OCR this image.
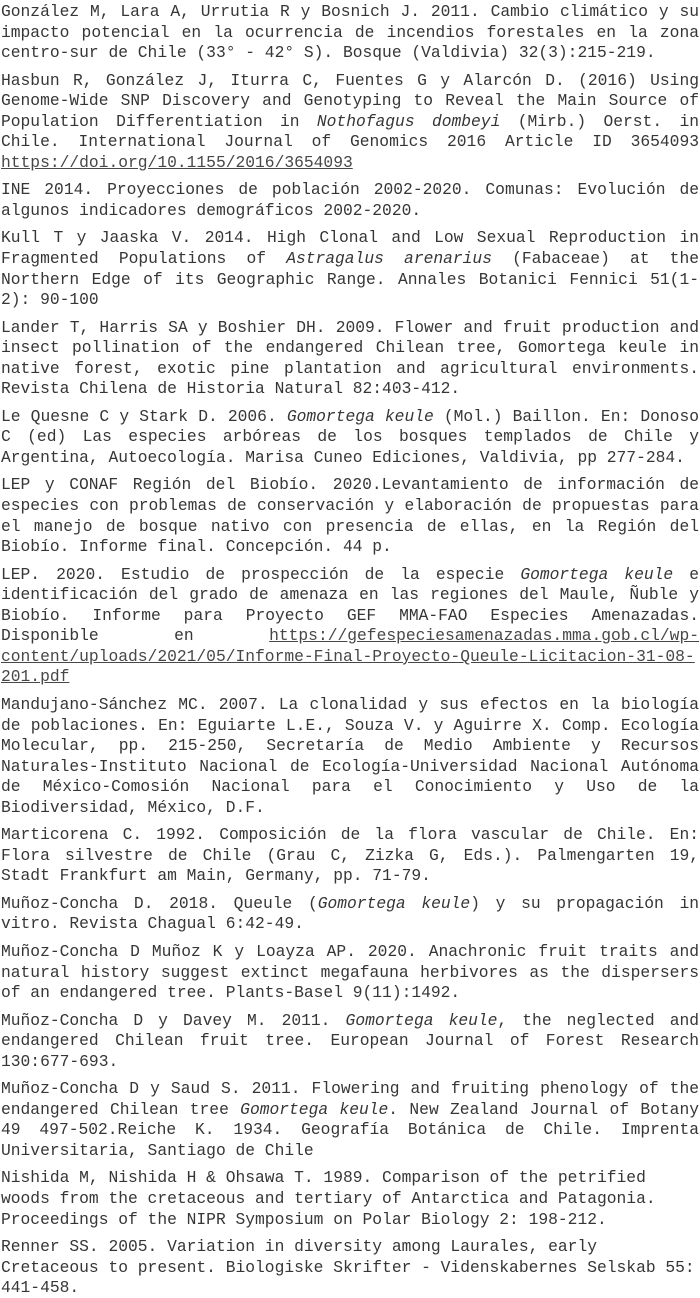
González M, Lara A, Urrutia R y Bosnich J. 2011. Cambio climático y su impacto potencial en la ocurrencia de incendios forestales en la zona centro-sur de Chile (33° - 42° S). Bosque (Valdivia) 32(3):215-219.

Hasbun R, González J, Iturra C, Fuentes G y Alarcón D. (2016) Using Genome-Wide SNP Discovery and Genotyping to Reveal the Main Source of Population Differentiation in Nothofagus dombeyi (Mirb.) Oerst. in Chile. International Journal of Genomics 2016 Article ID 3654093 https:/⁠/⁠doi.org/⁠10.1155/⁠2016/⁠3654093

INE 2014. Proyecciones de población 2002-2020. Comunas: Evolución de algunos indicadores demográficos 2002-2020.

Kull T y Jaaska V. 2014. High Clonal and Low Sexual Reproduction in Fragmented Populations of Astragalus arenarius (Fabaceae) at the Northern Edge of its Geographic Range. Annales Botanici Fennici 51(1-2): 90-100

Lander T, Harris SA y Boshier DH. 2009. Flower and fruit production and insect pollination of the endangered Chilean tree, Gomortega keule in native forest, exotic pine plantation and agricultural environments. Revista Chilena de Historia Natural 82:403-412.

Le Quesne C y Stark D. 2006. Gomortega keule (Mol.) Baillon. En: Donoso C (ed) Las especies arbóreas de los bosques templados de Chile y Argentina, Autoecología. Marisa Cuneo Ediciones, Valdivia, pp 277-284.

LEP y CONAF Región del Biobío. 2020.Levantamiento de información de especies con problemas de conservación y elaboración de propuestas para el manejo de bosque nativo con presencia de ellas, en la Región del Biobío. Informe final. Concepción. 44 p.

LEP. 2020. Estudio de prospección de la especie Gomortega keule e identificación del grado de amenaza en las regiones del Maule, Ñuble y Biobío. Informe para Proyecto GEF MMA-FAO Especies Amenazadas. Disponible en https:/⁠/⁠gefespeciesamenazadas.mma.gob.cl/⁠wp-content/⁠uploads/⁠2021/⁠05/⁠Informe-Final-Proyecto-Queule-Licitacion-31-08-201.pdf

Mandujano-Sánchez MC. 2007. La clonalidad y sus efectos en la biología de poblaciones. En: Eguiarte L.E., Souza V. y Aguirre X. Comp. Ecología Molecular, pp. 215-250, Secretaría de Medio Ambiente y Recursos Naturales-Instituto Nacional de Ecología-Universidad Nacional Autónoma de México-Comosión Nacional para el Conocimiento y Uso de la Biodiversidad, México, D.F.

Marticorena C. 1992. Composición de la flora vascular de Chile. En: Flora silvestre de Chile (Grau C, Zizka G, Eds.). Palmengarten 19, Stadt Frankfurt am Main, Germany, pp. 71-79.

Muñoz-Concha D. 2018. Queule (Gomortega keule) y su propagación in vitro. Revista Chagual 6:42-49.

Muñoz-Concha D Muñoz K y Loayza AP. 2020. Anachronic fruit traits and natural history suggest extinct megafauna herbivores as the dispersers of an endangered tree. Plants-Basel 9(11):1492.

Muñoz-Concha D y Davey M. 2011. Gomortega keule, the neglected and endangered Chilean fruit tree. European Journal of Forest Research 130:677-693.

Muñoz-Concha D y Saud S. 2011. Flowering and fruiting phenology of the endangered Chilean tree Gomortega keule. New Zealand Journal of Botany 49 497-502.Reiche K. 1934. Geografía Botánica de Chile. Imprenta Universitaria, Santiago de Chile

Nishida M, Nishida H & Ohsawa T. 1989. Comparison of the petrified woods from the cretaceous and tertiary of Antarctica and Patagonia. Proceedings of the NIPR Symposium on Polar Biology 2: 198-212.

Renner SS. 2005. Variation in diversity among Laurales, early Cretaceous to present. Biologiske Skrifter - Videnskabernes Selskab 55: 441-458.
